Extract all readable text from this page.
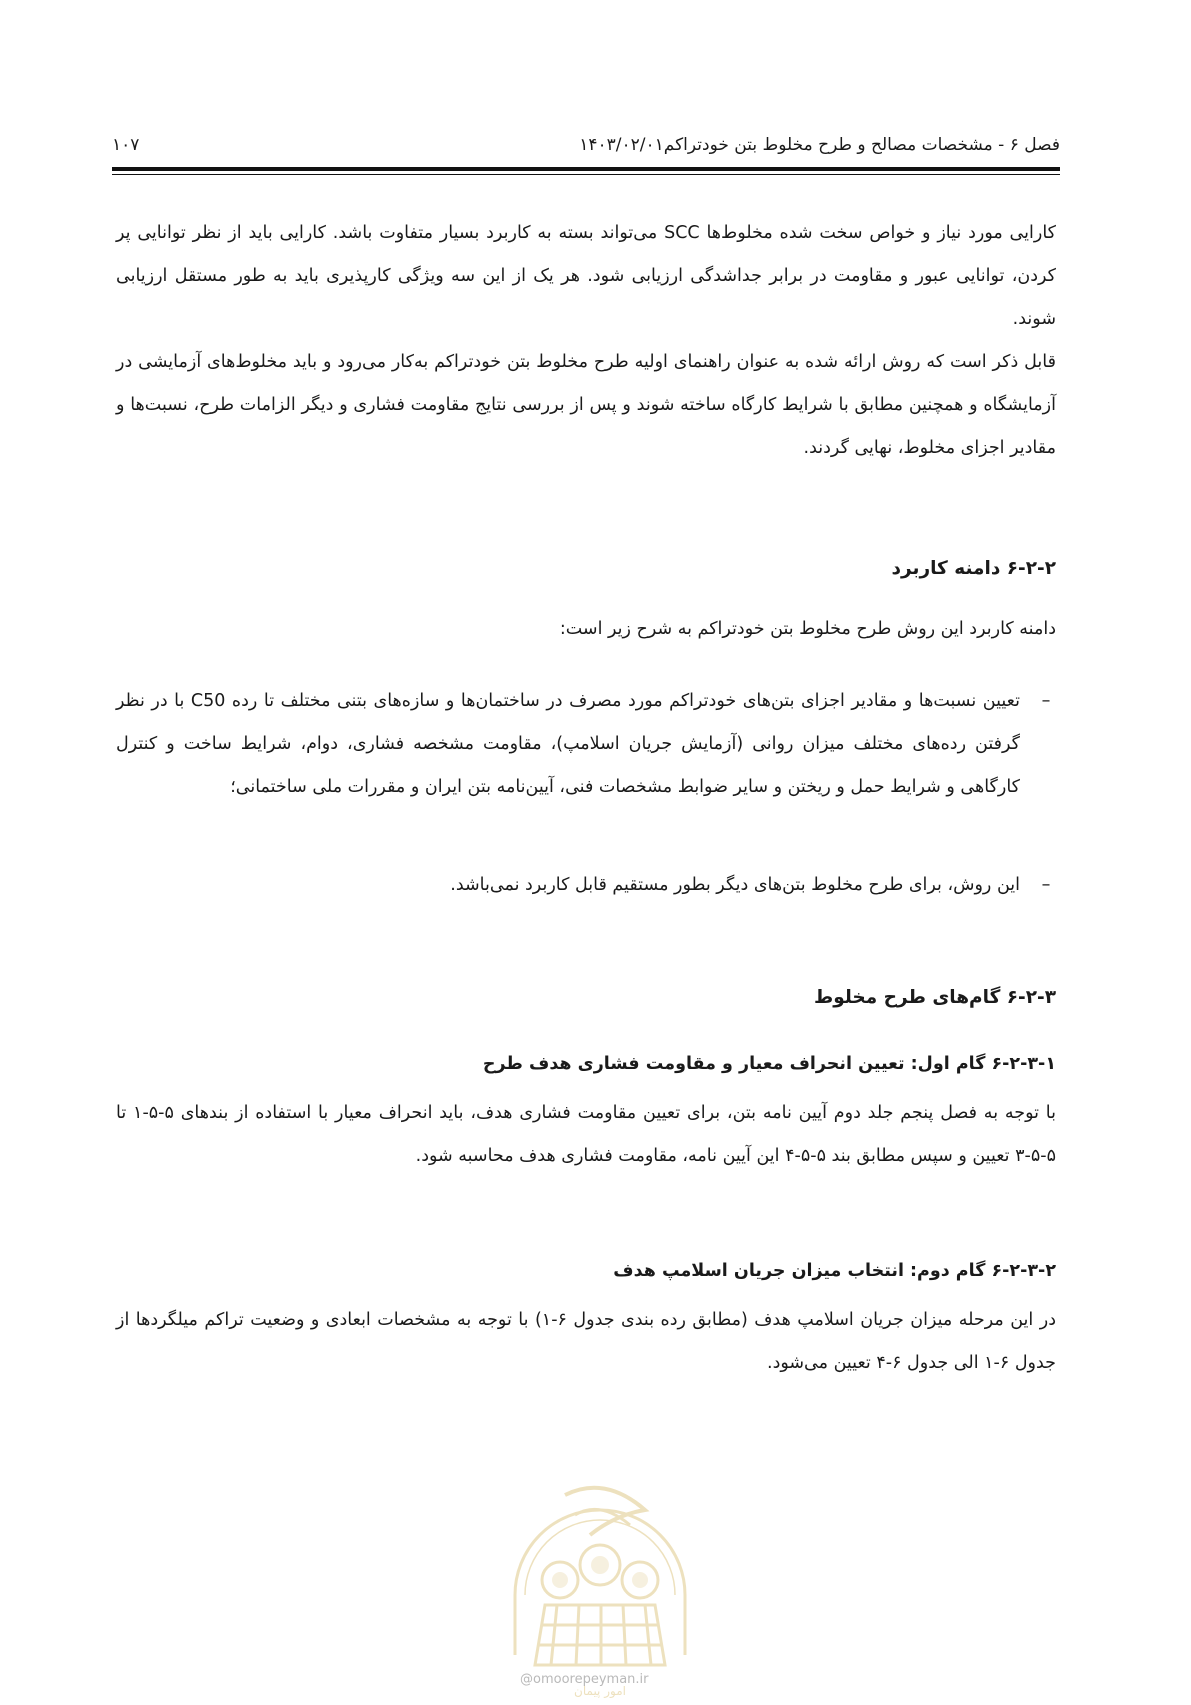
فصل ۶ - مشخصات مصالح و طرح مخلوط بتن خودتراکم۱۴۰۳/۰۲/۰۱
۱۰۷

کارایی مورد نیاز و خواص سخت شده مخلوط‌ها SCC می‌تواند بسته به کاربرد بسیار متفاوت باشد. کارایی باید از نظر توانایی پر کردن، توانایی عبور و مقاومت در برابر جداشدگی ارزیابی شود. هر یک از این سه ویژگی کارپذیری باید به طور مستقل ارزیابی شوند.

قابل ذکر است که روش ارائه شده به عنوان راهنمای اولیه طرح مخلوط بتن خودتراکم به‌کار می‌رود و باید مخلوط‌های آزمایشی در آزمایشگاه و همچنین مطابق با شرایط کارگاه ساخته شوند و پس از بررسی نتایج مقاومت فشاری و دیگر الزامات طرح، نسبت‌ها و مقادیر اجزای مخلوط، نهایی گردند.

۶-۲-۲ دامنه کاربرد

دامنه کاربرد این روش طرح مخلوط بتن خودتراکم به شرح زیر است:

–
تعیین نسبت‌ها و مقادیر اجزای بتن‌های خودتراکم مورد مصرف در ساختمان‌ها و سازه‌های بتنی مختلف تا رده C50 با در نظر گرفتن رده‌های مختلف میزان روانی (آزمایش جریان اسلامپ)، مقاومت مشخصه فشاری، دوام، شرایط ساخت و کنترل کارگاهی و شرایط حمل و ریختن و سایر ضوابط مشخصات فنی، آیین‌نامه بتن ایران و مقررات ملی ساختمانی؛
–
این روش، برای طرح مخلوط بتن‌های دیگر بطور مستقیم قابل کاربرد نمی‌باشد.
۶-۲-۳ گام‌های طرح مخلوط
۶-۲-۳-۱ گام اول: تعیین انحراف معیار و مقاومت فشاری هدف طرح

با توجه به فصل پنجم جلد دوم آیین نامه بتن، برای تعیین مقاومت فشاری هدف، باید انحراف معیار با استفاده از بندهای ۵-۵-۱ تا ۵-۵-۳ تعیین و سپس مطابق بند ۵-۵-۴ این آیین نامه، مقاومت فشاری هدف محاسبه شود.

۶-۲-۳-۲ گام دوم: انتخاب میزان جریان اسلامپ هدف

در این مرحله میزان جریان اسلامپ هدف (مطابق رده بندی جدول ۶-۱) با توجه به مشخصات ابعادی و وضعیت تراکم میلگردها از جدول ۶-۱ الی جدول ۶-۴ تعیین می‌شود.

امور پیمان
@omoorepeyman.ir
